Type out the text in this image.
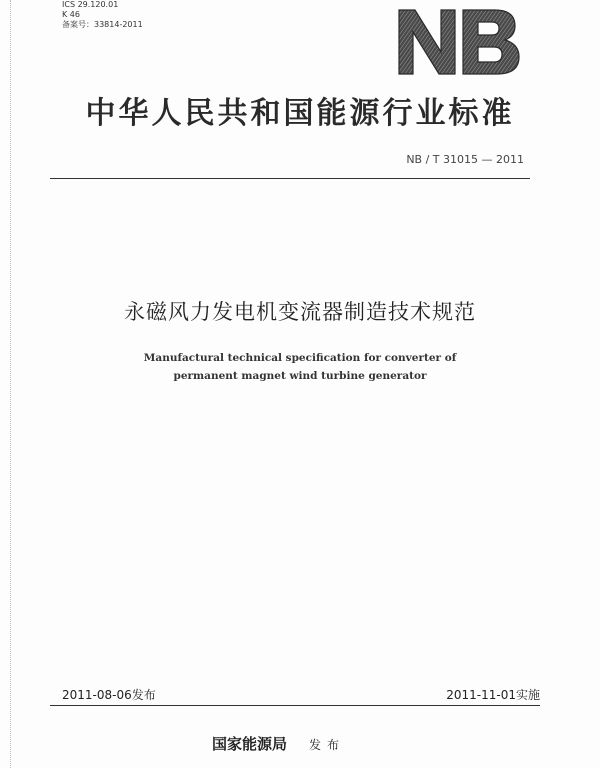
ICS 29.120.01
K 46
备案号：33814-2011
中华人民共和国能源行业标准
NB / T 31015 — 2011
永磁风力发电机变流器制造技术规范
Manufactural technical specification for converter of
permanent magnet wind turbine generator
2011-08-06发布	2011-11-01实施
国家能源局 发布
